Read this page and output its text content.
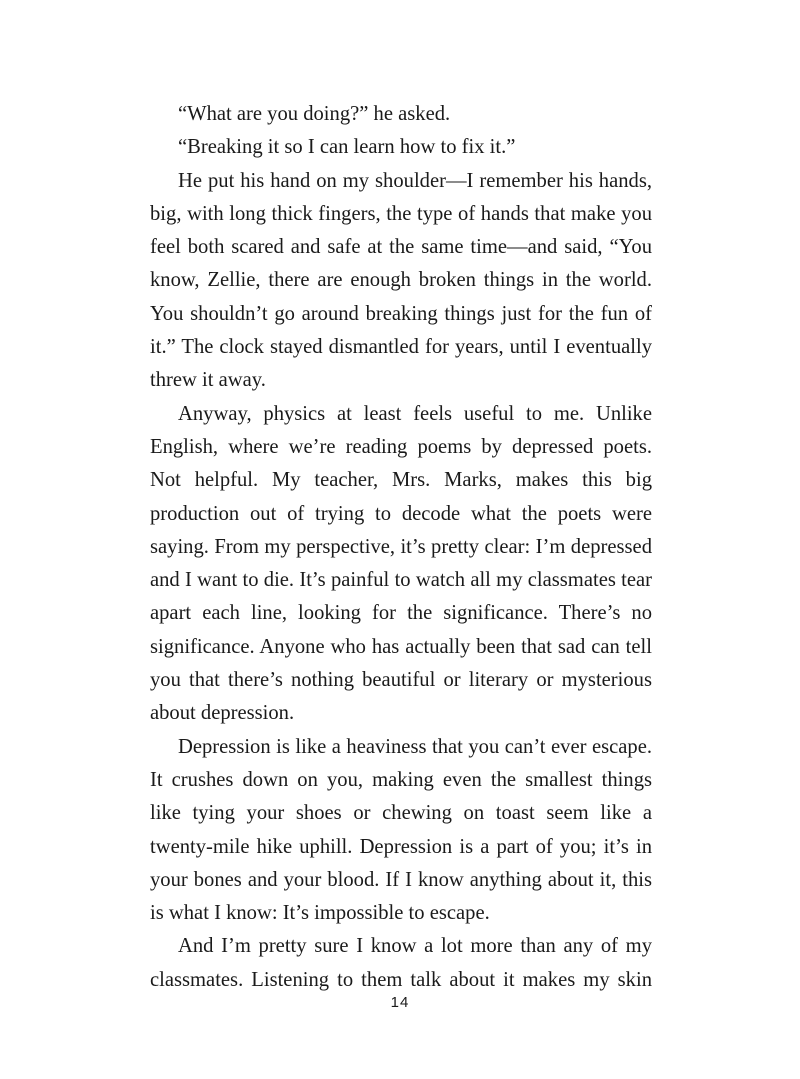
“What are you doing?” he asked.

“Breaking it so I can learn how to fix it.”

He put his hand on my shoulder—I remember his hands, big, with long thick fingers, the type of hands that make you feel both scared and safe at the same time—and said, “You know, Zellie, there are enough broken things in the world. You shouldn’t go around breaking things just for the fun of it.” The clock stayed dismantled for years, until I eventually threw it away.

Anyway, physics at least feels useful to me. Unlike English, where we’re reading poems by depressed poets. Not helpful. My teacher, Mrs. Marks, makes this big production out of trying to decode what the poets were saying. From my perspective, it’s pretty clear: I’m depressed and I want to die. It’s painful to watch all my classmates tear apart each line, looking for the significance. There’s no significance. Anyone who has actually been that sad can tell you that there’s nothing beautiful or literary or mysterious about depression.

Depression is like a heaviness that you can’t ever escape. It crushes down on you, making even the smallest things like tying your shoes or chewing on toast seem like a twenty-mile hike uphill. Depression is a part of you; it’s in your bones and your blood. If I know anything about it, this is what I know: It’s impossible to escape.

And I’m pretty sure I know a lot more than any of my classmates. Listening to them talk about it makes my skin

14
